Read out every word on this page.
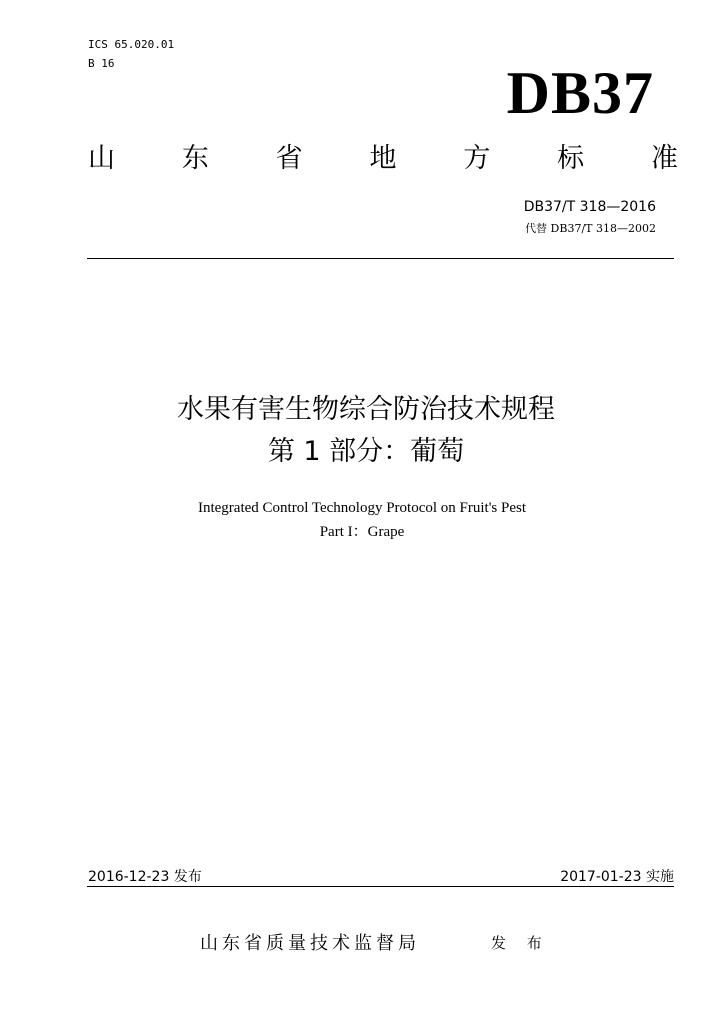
ICS 65.020.01
B 16	DB37
山 东 省 地 方 标 准
DB37/T 318—2016
代替 DB37/T 318—2002
水果有害生物综合防治技术规程
第 1 部分：葡萄
Integrated Control Technology Protocol on Fruit's Pest
Part I：Grape
2016-12-23 发布	2017-01-23 实施
山东省质量技术监督局	发 布
